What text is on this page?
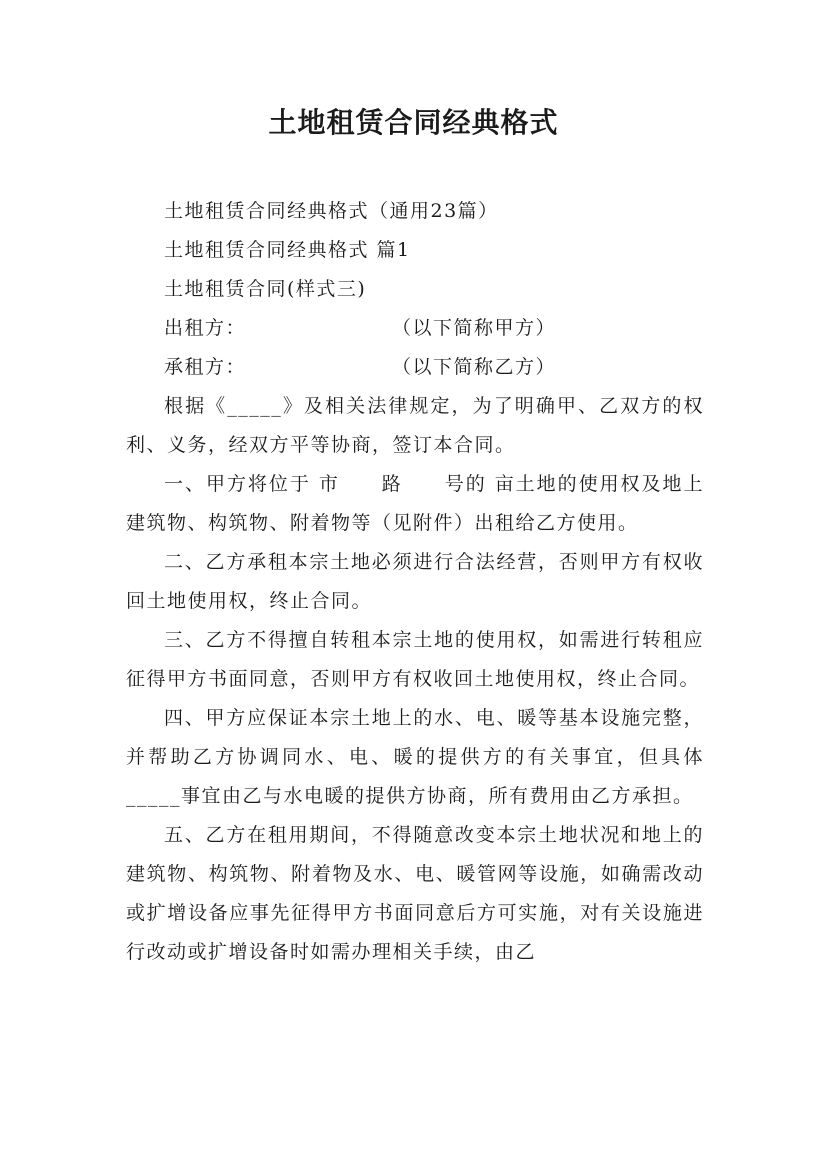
土地租赁合同经典格式

土地租赁合同经典格式（通用23篇）

土地租赁合同经典格式 篇1

土地租赁合同(样式三)

出租方：	（以下简称甲方）
承租方：	（以下简称乙方）

根据《_____》及相关法律规定，为了明确甲、乙双方的权利、义务，经双方平等协商，签订本合同。

一、甲方将位于 市　　路　　号的 亩土地的使用权及地上建筑物、构筑物、附着物等（见附件）出租给乙方使用。

二、乙方承租本宗土地必须进行合法经营，否则甲方有权收回土地使用权，终止合同。

三、乙方不得擅自转租本宗土地的使用权，如需进行转租应征得甲方书面同意，否则甲方有权收回土地使用权，终止合同。

四、甲方应保证本宗土地上的水、电、暖等基本设施完整，并帮助乙方协调同水、电、暖的提供方的有关事宜，但具体_____事宜由乙与水电暖的提供方协商，所有费用由乙方承担。

五、乙方在租用期间，不得随意改变本宗土地状况和地上的建筑物、构筑物、附着物及水、电、暖管网等设施，如确需改动或扩增设备应事先征得甲方书面同意后方可实施，对有关设施进行改动或扩增设备时如需办理相关手续，由乙
